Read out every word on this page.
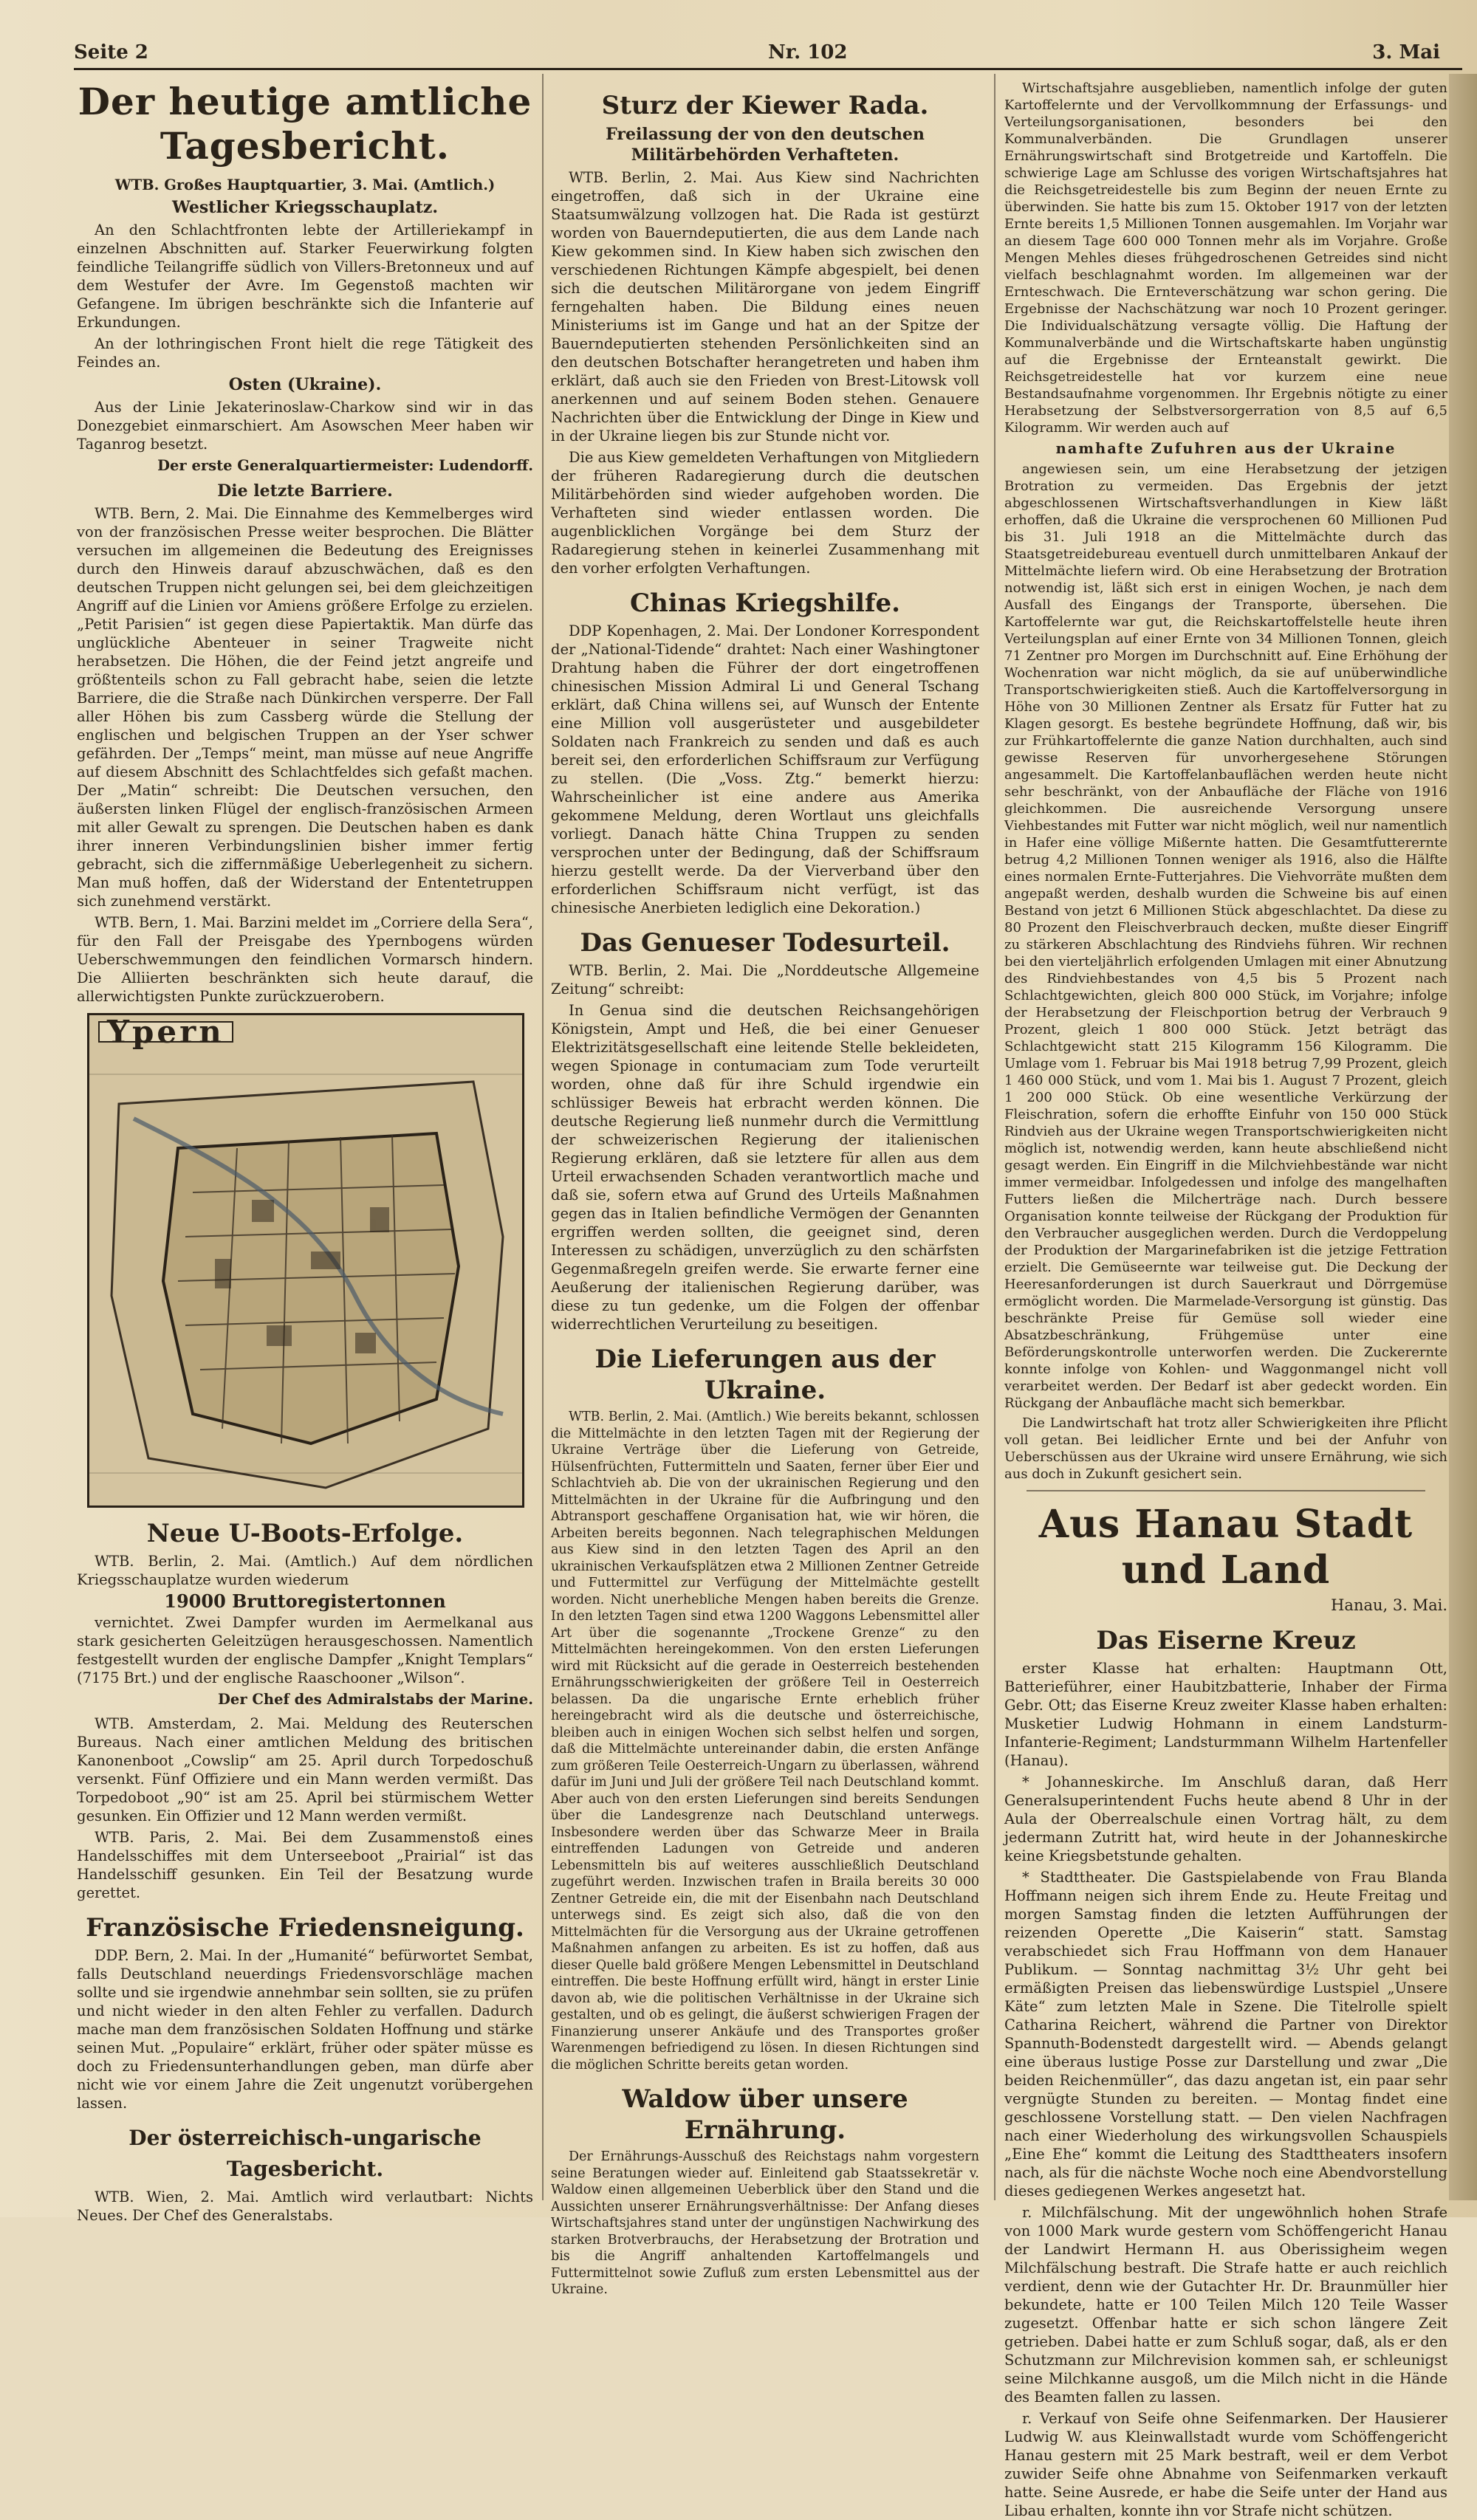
Seite 2	Nr. 102	3. Mai
Der heutige amtliche Tagesbericht.

WTB. Großes Hauptquartier, 3. Mai. (Amtlich.)

Westlicher Kriegsschauplatz.

An den Schlachtfronten lebte der Artilleriekampf in einzelnen Abschnitten auf. Starker Feuerwirkung folgten feindliche Teilangriffe südlich von Villers-Bretonneux und auf dem Westufer der Avre. Im Gegenstoß machten wir Gefangene. Im übrigen beschränkte sich die Infanterie auf Erkundungen.

An der lothringischen Front hielt die rege Tätigkeit des Feindes an.

Osten (Ukraine).

Aus der Linie Jekaterinoslaw-Charkow sind wir in das Donezgebiet einmarschiert. Am Asowschen Meer haben wir Taganrog besetzt.

Der erste Generalquartiermeister: Ludendorff.

Die letzte Barriere.

WTB. Bern, 2. Mai. Die Einnahme des Kemmelberges wird von der französischen Presse weiter besprochen. Die Blätter versuchen im allgemeinen die Bedeutung des Ereignisses durch den Hinweis darauf abzuschwächen, daß es den deutschen Truppen nicht gelungen sei, bei dem gleichzeitigen Angriff auf die Linien vor Amiens größere Erfolge zu erzielen. „Petit Parisien“ ist gegen diese Papiertaktik. Man dürfe das unglückliche Abenteuer in seiner Tragweite nicht herabsetzen. Die Höhen, die der Feind jetzt angreife und größtenteils schon zu Fall gebracht habe, seien die letzte Barriere, die die Straße nach Dünkirchen versperre. Der Fall aller Höhen bis zum Cassberg würde die Stellung der englischen und belgischen Truppen an der Yser schwer gefährden. Der „Temps“ meint, man müsse auf neue Angriffe auf diesem Abschnitt des Schlachtfeldes sich gefaßt machen. Der „Matin“ schreibt: Die Deutschen versuchen, den äußersten linken Flügel der englisch-französischen Armeen mit aller Gewalt zu sprengen. Die Deutschen haben es dank ihrer inneren Verbindungslinien bisher immer fertig gebracht, sich die ziffernmäßige Ueberlegenheit zu sichern. Man muß hoffen, daß der Widerstand der Ententetruppen sich zunehmend verstärkt.

WTB. Bern, 1. Mai. Barzini meldet im „Corriere della Sera“, für den Fall der Preisgabe des Ypernbogens würden Ueberschwemmungen den feindlichen Vormarsch hindern. Die Alliierten beschränkten sich heute darauf, die allerwichtigsten Punkte zurückzuerobern.

Ypern
Neue U-Boots-Erfolge.

WTB. Berlin, 2. Mai. (Amtlich.) Auf dem nördlichen Kriegsschauplatze wurden wiederum

19000 Bruttoregistertonnen

vernichtet. Zwei Dampfer wurden im Aermelkanal aus stark gesicherten Geleitzügen herausgeschossen. Namentlich festgestellt wurden der englische Dampfer „Knight Templars“ (7175 Brt.) und der englische Raaschooner „Wilson“.

Der Chef des Admiralstabs der Marine.

WTB. Amsterdam, 2. Mai. Meldung des Reuterschen Bureaus. Nach einer amtlichen Meldung des britischen Kanonenboot „Cowslip“ am 25. April durch Torpedoschuß versenkt. Fünf Offiziere und ein Mann werden vermißt. Das Torpedoboot „90“ ist am 25. April bei stürmischem Wetter gesunken. Ein Offizier und 12 Mann werden vermißt.

WTB. Paris, 2. Mai. Bei dem Zusammenstoß eines Handelsschiffes mit dem Unterseeboot „Prairial“ ist das Handelsschiff gesunken. Ein Teil der Besatzung wurde gerettet.

Französische Friedensneigung.

DDP. Bern, 2. Mai. In der „Humanité“ befürwortet Sembat, falls Deutschland neuerdings Friedensvorschläge machen sollte und sie irgendwie annehmbar sein sollten, sie zu prüfen und nicht wieder in den alten Fehler zu verfallen. Dadurch mache man dem französischen Soldaten Hoffnung und stärke seinen Mut. „Populaire“ erklärt, früher oder später müsse es doch zu Friedensunterhandlungen geben, man dürfe aber nicht wie vor einem Jahre die Zeit ungenutzt vorübergehen lassen.

Der österreichisch-ungarische Tagesbericht.

WTB. Wien, 2. Mai. Amtlich wird verlautbart: Nichts Neues. Der Chef des Generalstabs.

Sturz der Kiewer Rada.
Freilassung der von den deutschen Militärbehörden Verhafteten.

WTB. Berlin, 2. Mai. Aus Kiew sind Nachrichten eingetroffen, daß sich in der Ukraine eine Staatsumwälzung vollzogen hat. Die Rada ist gestürzt worden von Bauerndeputierten, die aus dem Lande nach Kiew gekommen sind. In Kiew haben sich zwischen den verschiedenen Richtungen Kämpfe abgespielt, bei denen sich die deutschen Militärorgane von jedem Eingriff ferngehalten haben. Die Bildung eines neuen Ministeriums ist im Gange und hat an der Spitze der Bauerndeputierten stehenden Persönlichkeiten sind an den deutschen Botschafter herangetreten und haben ihm erklärt, daß auch sie den Frieden von Brest-Litowsk voll anerkennen und auf seinem Boden stehen. Genauere Nachrichten über die Entwicklung der Dinge in Kiew und in der Ukraine liegen bis zur Stunde nicht vor.

Die aus Kiew gemeldeten Verhaftungen von Mitgliedern der früheren Radaregierung durch die deutschen Militärbehörden sind wieder aufgehoben worden. Die Verhafteten sind wieder entlassen worden. Die augenblicklichen Vorgänge bei dem Sturz der Radaregierung stehen in keinerlei Zusammenhang mit den vorher erfolgten Verhaftungen.

Chinas Kriegshilfe.

DDP Kopenhagen, 2. Mai. Der Londoner Korrespondent der „National-Tidende“ drahtet: Nach einer Washingtoner Drahtung haben die Führer der dort eingetroffenen chinesischen Mission Admiral Li und General Tschang erklärt, daß China willens sei, auf Wunsch der Entente eine Million voll ausgerüsteter und ausgebildeter Soldaten nach Frankreich zu senden und daß es auch bereit sei, den erforderlichen Schiffsraum zur Verfügung zu stellen. (Die „Voss. Ztg.“ bemerkt hierzu: Wahrscheinlicher ist eine andere aus Amerika gekommene Meldung, deren Wortlaut uns gleichfalls vorliegt. Danach hätte China Truppen zu senden versprochen unter der Bedingung, daß der Schiffsraum hierzu gestellt werde. Da der Vierverband über den erforderlichen Schiffsraum nicht verfügt, ist das chinesische Anerbieten lediglich eine Dekoration.)

Das Genueser Todesurteil.

WTB. Berlin, 2. Mai. Die „Norddeutsche Allgemeine Zeitung“ schreibt:

In Genua sind die deutschen Reichsangehörigen Königstein, Ampt und Heß, die bei einer Genueser Elektrizitätsgesellschaft eine leitende Stelle bekleideten, wegen Spionage in contumaciam zum Tode verurteilt worden, ohne daß für ihre Schuld irgendwie ein schlüssiger Beweis hat erbracht werden können. Die deutsche Regierung ließ nunmehr durch die Vermittlung der schweizerischen Regierung der italienischen Regierung erklären, daß sie letztere für allen aus dem Urteil erwachsenden Schaden verantwortlich mache und daß sie, sofern etwa auf Grund des Urteils Maßnahmen gegen das in Italien befindliche Vermögen der Genannten ergriffen werden sollten, die geeignet sind, deren Interessen zu schädigen, unverzüglich zu den schärfsten Gegenmaßregeln greifen werde. Sie erwarte ferner eine Aeußerung der italienischen Regierung darüber, was diese zu tun gedenke, um die Folgen der offenbar widerrechtlichen Verurteilung zu beseitigen.

Die Lieferungen aus der Ukraine.

WTB. Berlin, 2. Mai. (Amtlich.) Wie bereits bekannt, schlossen die Mittelmächte in den letzten Tagen mit der Regierung der Ukraine Verträge über die Lieferung von Getreide, Hülsenfrüchten, Futtermitteln und Saaten, ferner über Eier und Schlachtvieh ab. Die von der ukrainischen Regierung und den Mittelmächten in der Ukraine für die Aufbringung und den Abtransport geschaffene Organisation hat, wie wir hören, die Arbeiten bereits begonnen. Nach telegraphischen Meldungen aus Kiew sind in den letzten Tagen des April an den ukrainischen Verkaufsplätzen etwa 2 Millionen Zentner Getreide und Futtermittel zur Verfügung der Mittelmächte gestellt worden. Nicht unerhebliche Mengen haben bereits die Grenze. In den letzten Tagen sind etwa 1200 Waggons Lebensmittel aller Art über die sogenannte „Trockene Grenze“ zu den Mittelmächten hereingekommen. Von den ersten Lieferungen wird mit Rücksicht auf die gerade in Oesterreich bestehenden Ernährungsschwierigkeiten der größere Teil in Oesterreich belassen. Da die ungarische Ernte erheblich früher hereingebracht wird als die deutsche und österreichische, bleiben auch in einigen Wochen sich selbst helfen und sorgen, daß die Mittelmächte untereinander dabin, die ersten Anfänge zum größeren Teile Oesterreich-Ungarn zu überlassen, während dafür im Juni und Juli der größere Teil nach Deutschland kommt. Aber auch von den ersten Lieferungen sind bereits Sendungen über die Landesgrenze nach Deutschland unterwegs. Insbesondere werden über das Schwarze Meer in Braila eintreffenden Ladungen von Getreide und anderen Lebensmitteln bis auf weiteres ausschließlich Deutschland zugeführt werden. Inzwischen trafen in Braila bereits 30 000 Zentner Getreide ein, die mit der Eisenbahn nach Deutschland unterwegs sind. Es zeigt sich also, daß die von den Mittelmächten für die Versorgung aus der Ukraine getroffenen Maßnahmen anfangen zu arbeiten. Es ist zu hoffen, daß aus dieser Quelle bald größere Mengen Lebensmittel in Deutschland eintreffen. Die beste Hoffnung erfüllt wird, hängt in erster Linie davon ab, wie die politischen Verhältnisse in der Ukraine sich gestalten, und ob es gelingt, die äußerst schwierigen Fragen der Finanzierung unserer Ankäufe und des Transportes großer Warenmengen befriedigend zu lösen. In diesen Richtungen sind die möglichen Schritte bereits getan worden.

Waldow über unsere Ernährung.

Der Ernährungs-Ausschuß des Reichstags nahm vorgestern seine Beratungen wieder auf. Einleitend gab Staatssekretär v. Waldow einen allgemeinen Ueberblick über den Stand und die Aussichten unserer Ernährungsverhältnisse: Der Anfang dieses Wirtschaftsjahres stand unter der ungünstigen Nachwirkung des starken Brotverbrauchs, der Herabsetzung der Brotration und bis die Angriff anhaltenden Kartoffelmangels und Futtermittelnot sowie Zufluß zum ersten Lebensmittel aus der Ukraine.

Wirtschaftsjahre ausgeblieben, namentlich infolge der guten Kartoffelernte und der Vervollkommnung der Erfassungs- und Verteilungsorganisationen, besonders bei den Kommunalverbänden. Die Grundlagen unserer Ernährungswirtschaft sind Brotgetreide und Kartoffeln. Die schwierige Lage am Schlusse des vorigen Wirtschaftsjahres hat die Reichsgetreidestelle bis zum Beginn der neuen Ernte zu überwinden. Sie hatte bis zum 15. Oktober 1917 von der letzten Ernte bereits 1,5 Millionen Tonnen ausgemahlen. Im Vorjahr war an diesem Tage 600 000 Tonnen mehr als im Vorjahre. Große Mengen Mehles dieses frühgedroschenen Getreides sind nicht vielfach beschlagnahmt worden. Im allgemeinen war der Ernteschwach. Die Ernteverschätzung war schon gering. Die Ergebnisse der Nachschätzung war noch 10 Prozent geringer. Die Individualschätzung versagte völlig. Die Haftung der Kommunalverbände und die Wirtschaftskarte haben ungünstig auf die Ergebnisse der Ernteanstalt gewirkt. Die Reichsgetreidestelle hat vor kurzem eine neue Bestandsaufnahme vorgenommen. Ihr Ergebnis nötigte zu einer Herabsetzung der Selbstversorgerration von 8,5 auf 6,5 Kilogramm. Wir werden auch auf

namhafte Zufuhren aus der Ukraine

angewiesen sein, um eine Herabsetzung der jetzigen Brotration zu vermeiden. Das Ergebnis der jetzt abgeschlossenen Wirtschaftsverhandlungen in Kiew läßt erhoffen, daß die Ukraine die versprochenen 60 Millionen Pud bis 31. Juli 1918 an die Mittelmächte durch das Staatsgetreidebureau eventuell durch unmittelbaren Ankauf der Mittelmächte liefern wird. Ob eine Herabsetzung der Brotration notwendig ist, läßt sich erst in einigen Wochen, je nach dem Ausfall des Eingangs der Transporte, übersehen. Die Kartoffelernte war gut, die Reichskartoffelstelle heute ihren Verteilungsplan auf einer Ernte von 34 Millionen Tonnen, gleich 71 Zentner pro Morgen im Durchschnitt auf. Eine Erhöhung der Wochenration war nicht möglich, da sie auf unüberwindliche Transportschwierigkeiten stieß. Auch die Kartoffelversorgung in Höhe von 30 Millionen Zentner als Ersatz für Futter hat zu Klagen gesorgt. Es bestehe begründete Hoffnung, daß wir, bis zur Frühkartoffelernte die ganze Nation durchhalten, auch sind gewisse Reserven für unvorhergesehene Störungen angesammelt. Die Kartoffelanbauflächen werden heute nicht sehr beschränkt, von der Anbaufläche der Fläche von 1916 gleichkommen. Die ausreichende Versorgung unsere Viehbestandes mit Futter war nicht möglich, weil nur namentlich in Hafer eine völlige Mißernte hatten. Die Gesamtfutterernte betrug 4,2 Millionen Tonnen weniger als 1916, also die Hälfte eines normalen Ernte-Futterjahres. Die Viehvorräte mußten dem angepaßt werden, deshalb wurden die Schweine bis auf einen Bestand von jetzt 6 Millionen Stück abgeschlachtet. Da diese zu 80 Prozent den Fleischverbrauch decken, mußte dieser Eingriff zu stärkeren Abschlachtung des Rindviehs führen. Wir rechnen bei den vierteljährlich erfolgenden Umlagen mit einer Abnutzung des Rindviehbestandes von 4,5 bis 5 Prozent nach Schlachtgewichten, gleich 800 000 Stück, im Vorjahre; infolge der Herabsetzung der Fleischportion betrug der Verbrauch 9 Prozent, gleich 1 800 000 Stück. Jetzt beträgt das Schlachtgewicht statt 215 Kilogramm 156 Kilogramm. Die Umlage vom 1. Februar bis Mai 1918 betrug 7,99 Prozent, gleich 1 460 000 Stück, und vom 1. Mai bis 1. August 7 Prozent, gleich 1 200 000 Stück. Ob eine wesentliche Verkürzung der Fleischration, sofern die erhoffte Einfuhr von 150 000 Stück Rindvieh aus der Ukraine wegen Transportschwierigkeiten nicht möglich ist, notwendig werden, kann heute abschließend nicht gesagt werden. Ein Eingriff in die Milchviehbestände war nicht immer vermeidbar. Infolgedessen und infolge des mangelhaften Futters ließen die Milcherträge nach. Durch bessere Organisation konnte teilweise der Rückgang der Produktion für den Verbraucher ausgeglichen werden. Durch die Verdoppelung der Produktion der Margarinefabriken ist die jetzige Fettration erzielt. Die Gemüseernte war teilweise gut. Die Deckung der Heeresanforderungen ist durch Sauerkraut und Dörrgemüse ermöglicht worden. Die Marmelade-Versorgung ist günstig. Das beschränkte Preise für Gemüse soll wieder eine Absatzbeschränkung, Frühgemüse unter eine Beförderungskontrolle unterworfen werden. Die Zuckerernte konnte infolge von Kohlen- und Waggonmangel nicht voll verarbeitet werden. Der Bedarf ist aber gedeckt worden. Ein Rückgang der Anbaufläche macht sich bemerkbar.

Die Landwirtschaft hat trotz aller Schwierigkeiten ihre Pflicht voll getan. Bei leidlicher Ernte und bei der Anfuhr von Ueberschüssen aus der Ukraine wird unsere Ernährung, wie sich aus doch in Zukunft gesichert sein.

Aus Hanau Stadt und Land

Hanau, 3. Mai.

Das Eiserne Kreuz

erster Klasse hat erhalten: Hauptmann Ott, Batterieführer, einer Haubitzbatterie, Inhaber der Firma Gebr. Ott; das Eiserne Kreuz zweiter Klasse haben erhalten: Musketier Ludwig Hohmann in einem Landsturm-Infanterie-Regiment; Landsturmmann Wilhelm Hartenfeller (Hanau).

* Johanneskirche. Im Anschluß daran, daß Herr Generalsuperintendent Fuchs heute abend 8 Uhr in der Aula der Oberrealschule einen Vortrag hält, zu dem jedermann Zutritt hat, wird heute in der Johanneskirche keine Kriegsbetstunde gehalten.

* Stadttheater. Die Gastspielabende von Frau Blanda Hoffmann neigen sich ihrem Ende zu. Heute Freitag und morgen Samstag finden die letzten Aufführungen der reizenden Operette „Die Kaiserin“ statt. Samstag verabschiedet sich Frau Hoffmann von dem Hanauer Publikum. — Sonntag nachmittag 3½ Uhr geht bei ermäßigten Preisen das liebenswürdige Lustspiel „Unsere Käte“ zum letzten Male in Szene. Die Titelrolle spielt Catharina Reichert, während die Partner von Direktor Spannuth-Bodenstedt dargestellt wird. — Abends gelangt eine überaus lustige Posse zur Darstellung und zwar „Die beiden Reichenmüller“, das dazu angetan ist, ein paar sehr vergnügte Stunden zu bereiten. — Montag findet eine geschlossene Vorstellung statt. — Den vielen Nachfragen nach einer Wiederholung des wirkungsvollen Schauspiels „Eine Ehe“ kommt die Leitung des Stadttheaters insofern nach, als für die nächste Woche noch eine Abendvorstellung dieses gediegenen Werkes angesetzt hat.

r. Milchfälschung. Mit der ungewöhnlich hohen Strafe von 1000 Mark wurde gestern vom Schöffengericht Hanau der Landwirt Hermann H. aus Oberissigheim wegen Milchfälschung bestraft. Die Strafe hatte er auch reichlich verdient, denn wie der Gutachter Hr. Dr. Braunmüller hier bekundete, hatte er 100 Teilen Milch 120 Teile Wasser zugesetzt. Offenbar hatte er sich schon längere Zeit getrieben. Dabei hatte er zum Schluß sogar, daß, als er den Schutzmann zur Milchrevision kommen sah, er schleunigst seine Milchkanne ausgoß, um die Milch nicht in die Hände des Beamten fallen zu lassen.

r. Verkauf von Seife ohne Seifenmarken. Der Hausierer Ludwig W. aus Kleinwallstadt wurde vom Schöffengericht Hanau gestern mit 25 Mark bestraft, weil er dem Verbot zuwider Seife ohne Abnahme von Seifenmarken verkauft hatte. Seine Ausrede, er habe die Seife unter der Hand aus Libau erhalten, konnte ihn vor Strafe nicht schützen.
